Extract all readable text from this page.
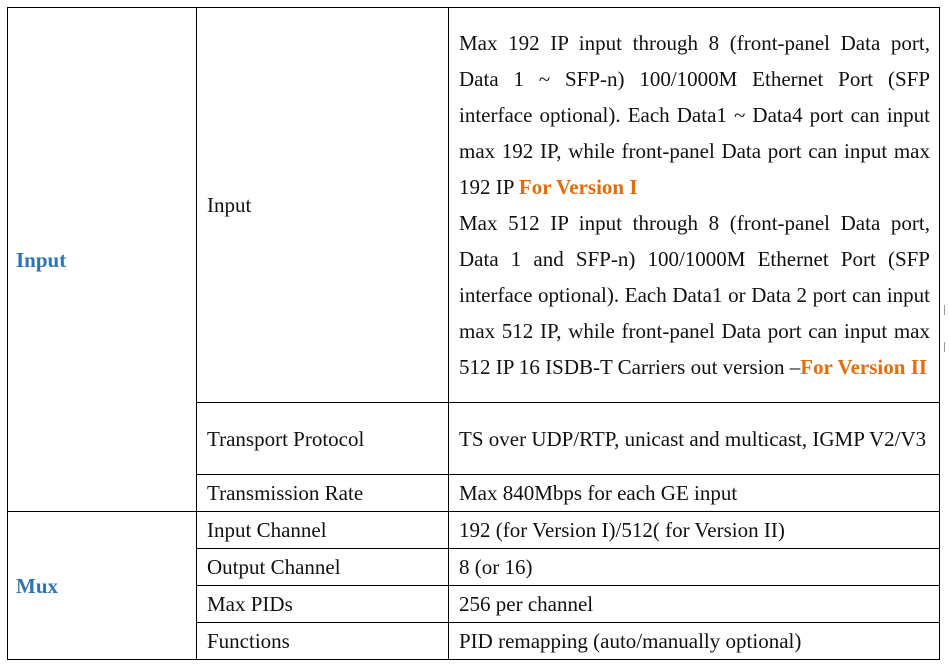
Input	Input	Max 192 IP input through 8 (front-panel Data port, Data 1 ~ SFP-n) 100/1000M Ethernet Port (SFP interface optional). Each Data1 ~ Data4 port can input max 192 IP, while front-panel Data port can input max 192 IP For Version I
Max 512 IP input through 8 (front-panel Data port, Data 1 and SFP-n) 100/1000M Ethernet Port (SFP interface optional). Each Data1 or Data 2 port can input max 512 IP, while front-panel Data port can input max 512 IP 16 ISDB-T Carriers out version –For Version II
	Transport Protocol	TS over UDP/RTP, unicast and multicast, IGMP V2/V3
	Transmission Rate	Max 840Mbps for each GE input
Mux	Input Channel	192 (for Version I)/512( for Version II)
	Output Channel	8 (or 16)
	Max PIDs	256 per channel
	Functions	PID remapping (auto/manually optional)
